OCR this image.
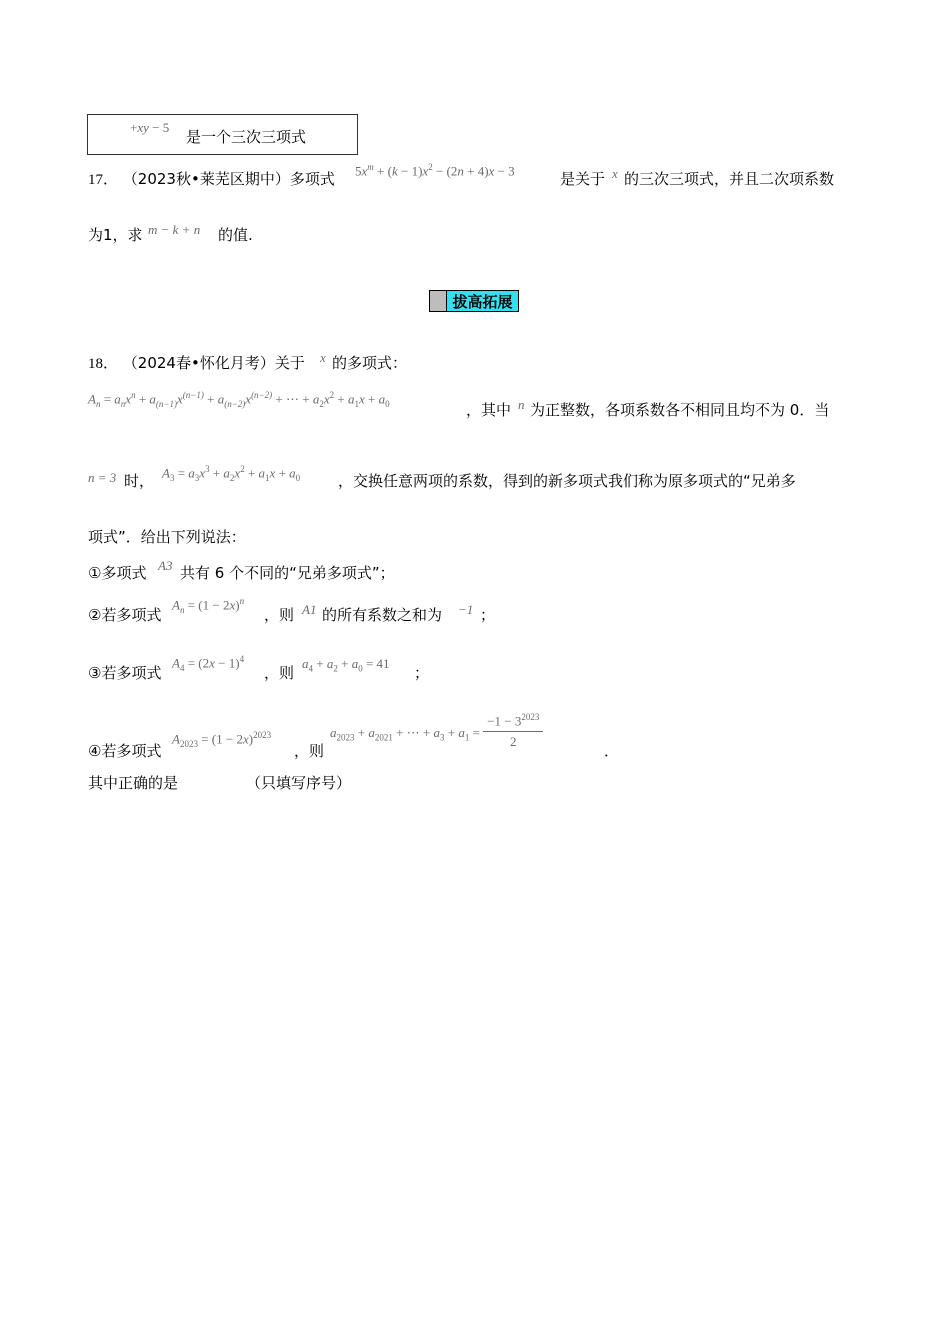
+xy − 5
是一个三次三项式
17． （2023秋•莱芜区期中）多项式 $5x^m + (k - 1)x^2 - (2n + 4)x - 3$	是关于 x 的三次三项式，并且二次项系数
为1，求 m − k + n 的值.
拔高拓展
18． （2024春•怀化月考）关于 x 的多项式：
$A_n = a_nx^n + a_{(n-1)}x^{(n-1)} + a_{(n-2)}x^{(n-2)}$ + ⋯ + $a_2x^2 + a_1x + a_0$	，其中 n 为正整数，各项系数各不相同且均不为 0．当
n = 3 时， $A_3 = a_3x^3 + a_2x^2 + a_1x + a_0$	，交换任意两项的系数，得到的新多项式我们称为原多项式的“兄弟多
项式”．给出下列说法：
①多项式 A3 共有 6 个不同的“兄弟多项式”；
②若多项式
$A_n = (1 - 2x)^n$
，则 A1 的所有系数之和为 −1 ；
③若多项式
$A_4 = (2x - 1)^4$
，则
$a_4 + a_2 + a_0 = 41$
；
④若多项式
$A_{2023} = (1 - 2x)^{2023}$
，则
$a_{2023} + a_{2021}$ + ⋯ + $a_3 + a_1 = \frac{-1 - 3^{2023}}{2}$
．
其中正确的是	（只填写序号）
